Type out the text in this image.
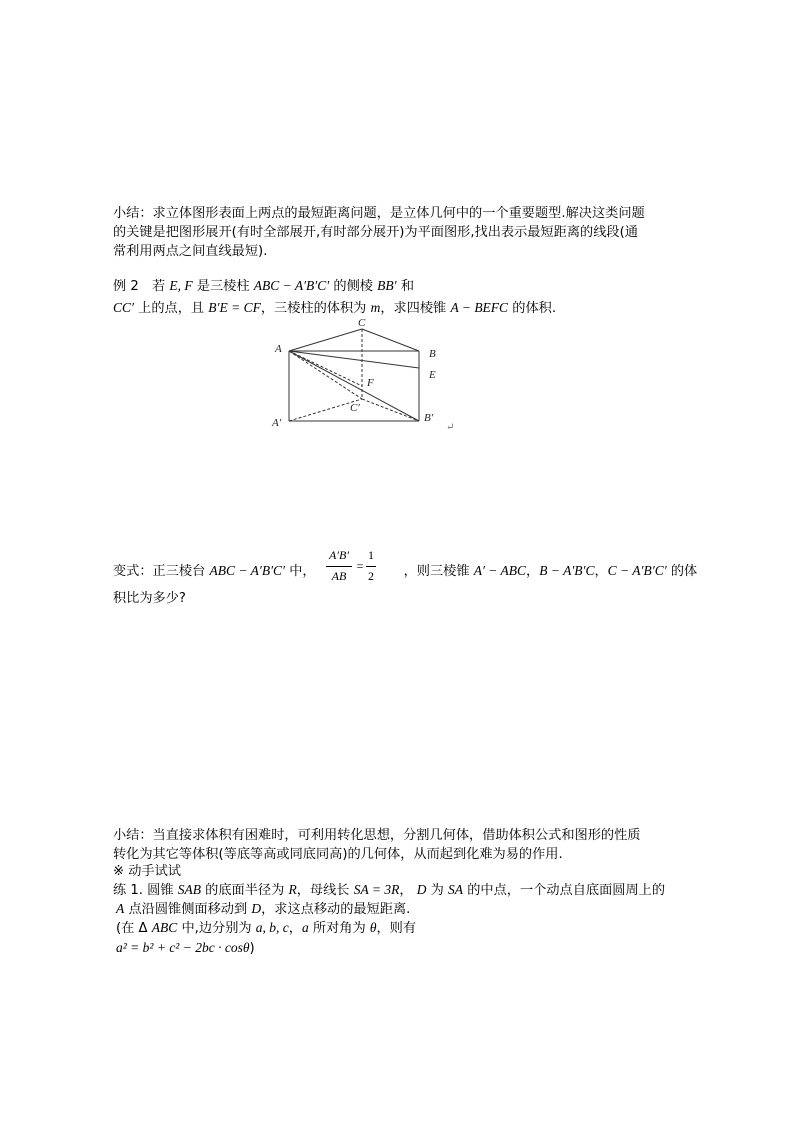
小结：求立体图形表面上两点的最短距离问题，是立体几何中的一个重要题型.解决这类问题
的关键是把图形展开(有时全部展开,有时部分展开)为平面图形,找出表示最短距离的线段(通
常利用两点之间直线最短).
例 2　若 E, F 是三棱柱 ABC − A′B′C′ 的侧棱 BB′ 和
CC′ 上的点，且 B′E = CF，三棱柱的体积为 m，求四棱锥 A − BEFC 的体积.
A
C
B
E
F
C′
A′	B′
↵
变式：正三棱台 ABC − A′B′C′ 中，	，则三棱锥 A′ − ABC，B − A′B′C，C − A′B′C′ 的体
A′B′
AB
=
1
2
积比为多少?
小结：当直接求体积有困难时，可利用转化思想，分割几何体，借助体积公式和图形的性质
转化为其它等体积(等底等高或同底同高)的几何体，从而起到化难为易的作用.
※ 动手试试
练 1. 圆锥 SAB 的底面半径为 R，母线长 SA = 3R， D 为 SA 的中点，一个动点自底面圆周上的
A 点沿圆锥侧面移动到 D，求这点移动的最短距离.
(在 Δ ABC 中,边分别为 a, b, c，a 所对角为 θ，则有
a² = b² + c² − 2bc · cosθ)
